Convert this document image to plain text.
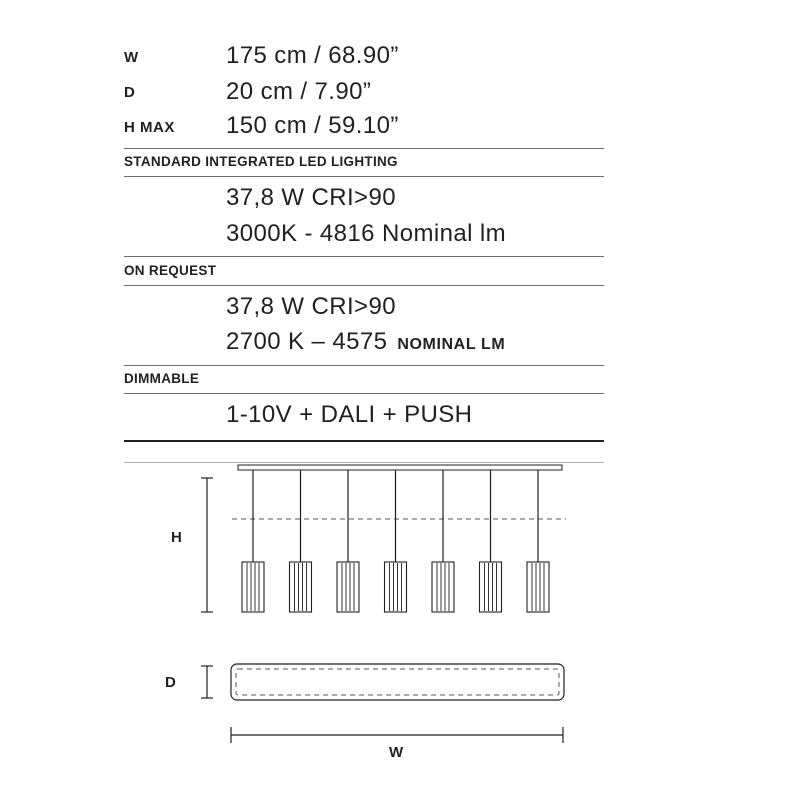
W	175 cm / 68.90”
D	20 cm / 7.90”
H MAX 150 cm / 59.10”
STANDARD INTEGRATED LED LIGHTING
37,8 W CRI>90
3000K - 4816 Nominal lm
ON REQUEST
37,8 W CRI>90
2700 K – 4575 NOMINAL LM
DIMMABLE
1-10V + DALI + PUSH
H
D
W
